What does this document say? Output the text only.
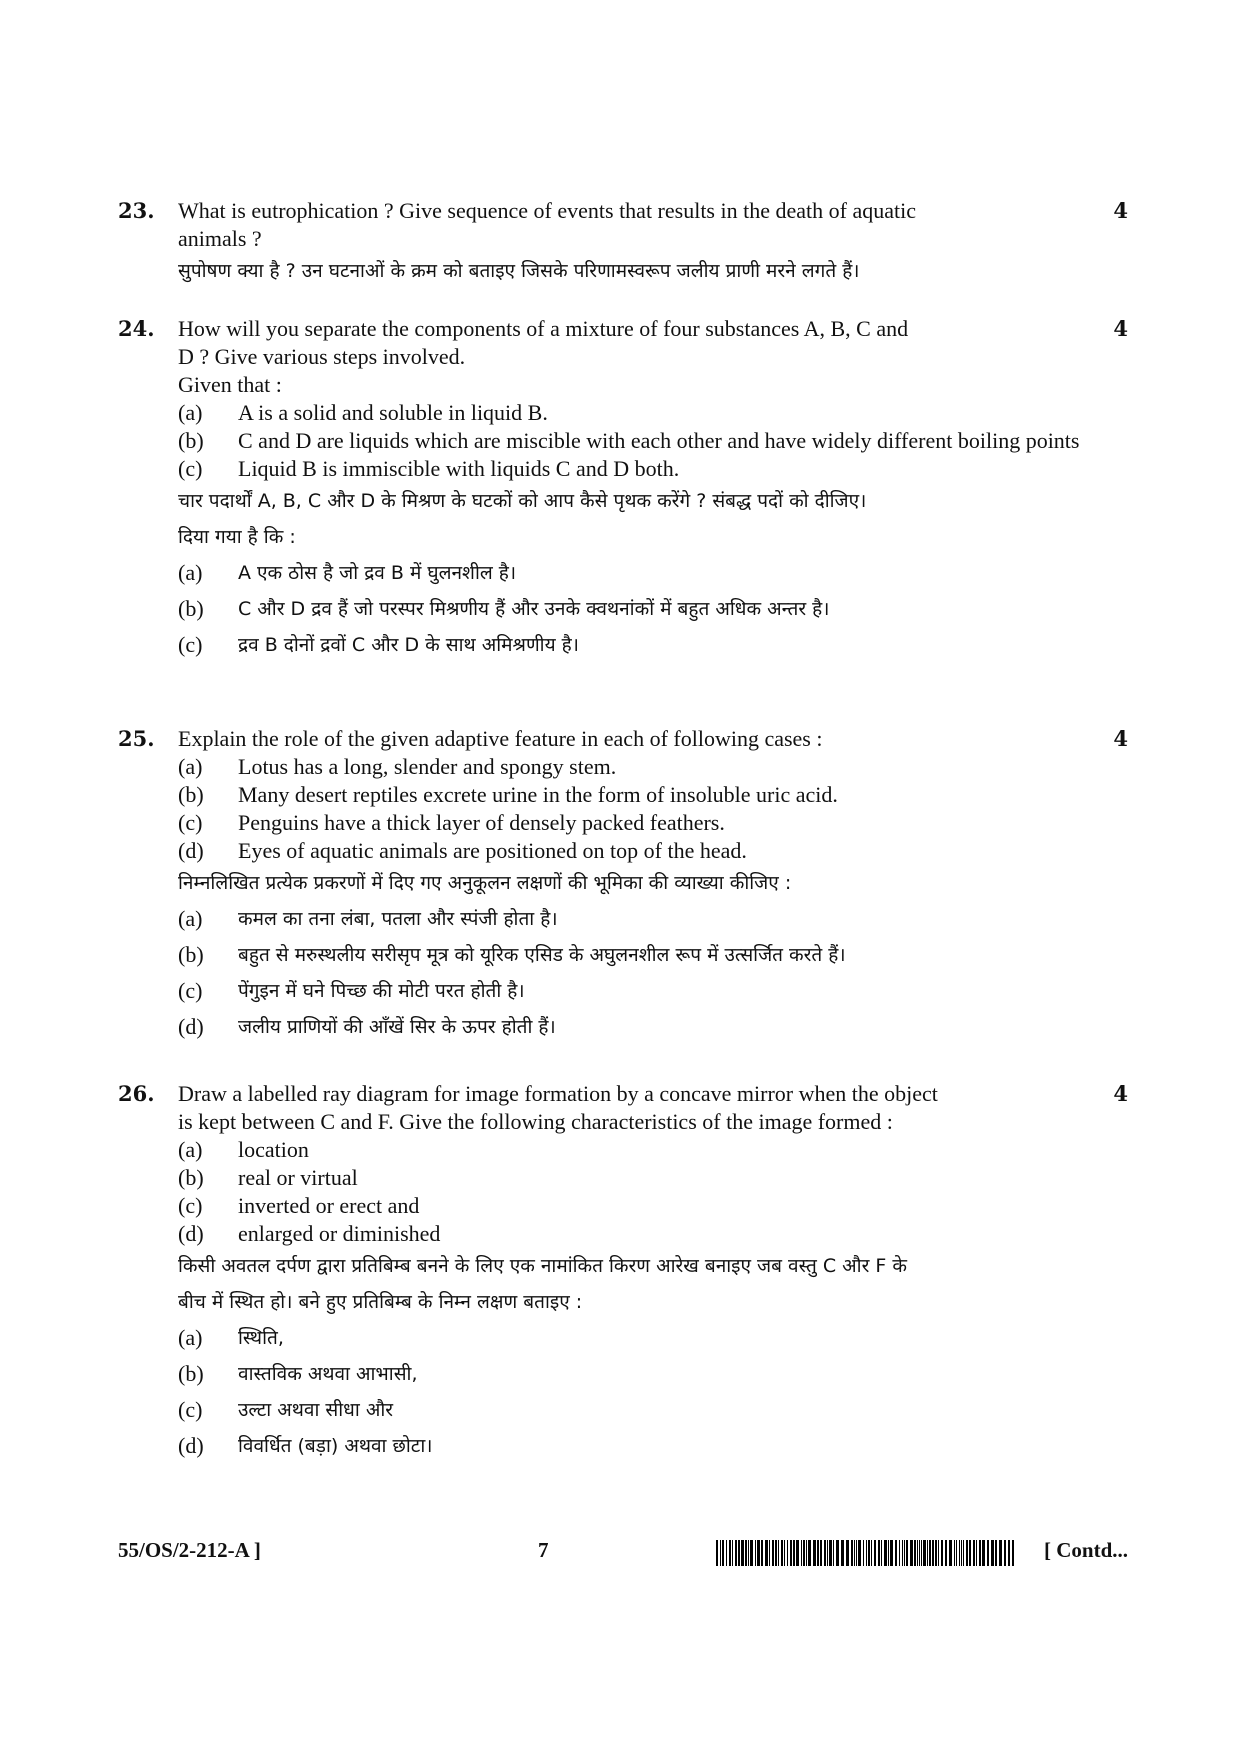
23.	4

What is eutrophication ? Give sequence of events that results in the death of aquatic

animals ?

सुपोषण क्या है ? उन घटनाओं के क्रम को बताइए जिसके परिणामस्वरूप जलीय प्राणी मरने लगते हैं।

24.	4

How will you separate the components of a mixture of four substances A, B, C and

D ? Give various steps involved.

Given that :

(a)	A is a solid and soluble in liquid B.
(b)	C and D are liquids which are miscible with each other and have widely different boiling points
(c)	Liquid B is immiscible with liquids C and D both.

चार पदार्थों A, B, C और D के मिश्रण के घटकों को आप कैसे पृथक करेंगे ? संबद्ध पदों को दीजिए।

दिया गया है कि :

(a)	A एक ठोस है जो द्रव B में घुलनशील है।
(b)	C और D द्रव हैं जो परस्पर मिश्रणीय हैं और उनके क्वथनांकों में बहुत अधिक अन्तर है।
(c)	द्रव B दोनों द्रवों C और D के साथ अमिश्रणीय है।
25.	4

Explain the role of the given adaptive feature in each of following cases :

(a)	Lotus has a long, slender and spongy stem.
(b)	Many desert reptiles excrete urine in the form of insoluble uric acid.
(c)	Penguins have a thick layer of densely packed feathers.
(d)	Eyes of aquatic animals are positioned on top of the head.

निम्नलिखित प्रत्येक प्रकरणों में दिए गए अनुकूलन लक्षणों की भूमिका की व्याख्या कीजिए :

(a)	कमल का तना लंबा, पतला और स्पंजी होता है।
(b)	बहुत से मरुस्थलीय सरीसृप मूत्र को यूरिक एसिड के अघुलनशील रूप में उत्सर्जित करते हैं।
(c)	पेंगुइन में घने पिच्छ की मोटी परत होती है।
(d)	जलीय प्राणियों की आँखें सिर के ऊपर होती हैं।
26.	4

Draw a labelled ray diagram for image formation by a concave mirror when the object

is kept between C and F. Give the following characteristics of the image formed :

(a)	location
(b)	real or virtual
(c)	inverted or erect and
(d)	enlarged or diminished

किसी अवतल दर्पण द्वारा प्रतिबिम्ब बनने के लिए एक नामांकित किरण आरेख बनाइए जब वस्तु C और F के

बीच में स्थित हो। बने हुए प्रतिबिम्ब के निम्न लक्षण बताइए :

(a)	स्थिति,
(b)	वास्तविक अथवा आभासी,
(c)	उल्टा अथवा सीधा और
(d)	विवर्धित (बड़ा) अथवा छोटा।
55/OS/2-212-A ]	7	[ Contd...
